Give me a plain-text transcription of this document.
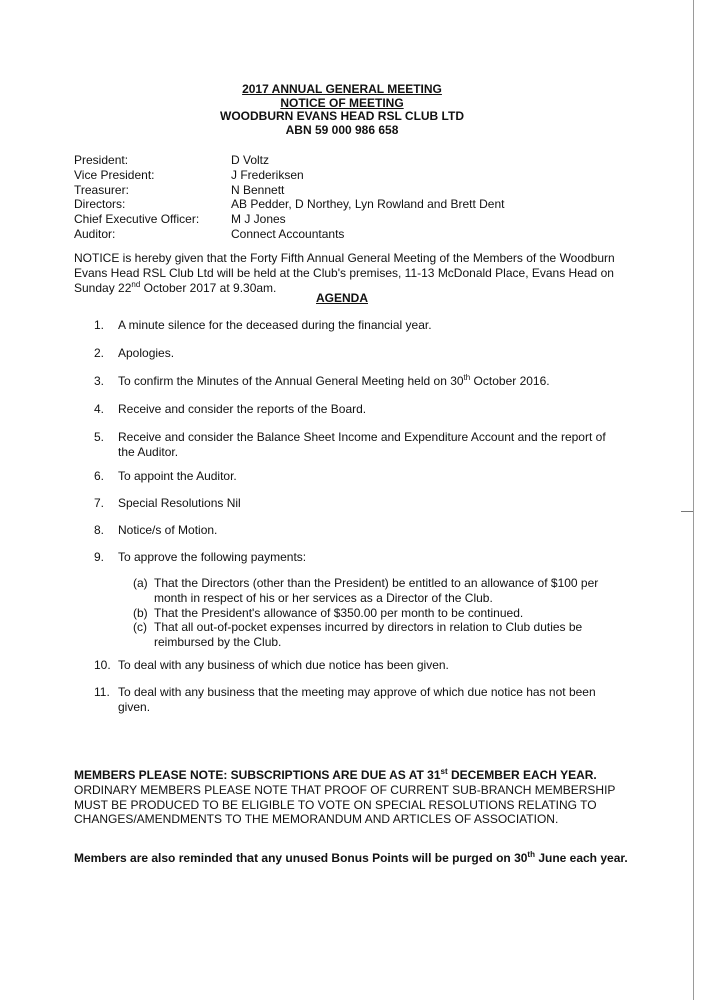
2017 ANNUAL GENERAL MEETING
NOTICE OF MEETING
WOODBURN EVANS HEAD RSL CLUB LTD
ABN 59 000 986 658
President:	D Voltz
Vice President:	J Frederiksen
Treasurer:	N Bennett
Directors:	AB Pedder, D Northey, Lyn Rowland and Brett Dent
Chief Executive Officer:	M J Jones
Auditor:	Connect Accountants
NOTICE is hereby given that the Forty Fifth Annual General Meeting of the Members of the Woodburn Evans Head RSL Club Ltd will be held at the Club's premises, 11-13 McDonald Place, Evans Head on Sunday 22nd October 2017 at 9.30am.
AGENDA
1.	A minute silence for the deceased during the financial year.
2.	Apologies.
3.	To confirm the Minutes of the Annual General Meeting held on 30th October 2016.
4.	Receive and consider the reports of the Board.
5.	Receive and consider the Balance Sheet Income and Expenditure Account and the report of the Auditor.
6.	To appoint the Auditor.
7.	Special Resolutions Nil
8.	Notice/s of Motion.
9.	To approve the following payments:
10. To deal with any business of which due notice has been given.
11. To deal with any business that the meeting may approve of which due notice has not been given.
(a) That the Directors (other than the President) be entitled to an allowance of $100 per month in respect of his or her services as a Director of the Club.
(b) That the President's allowance of $350.00 per month to be continued.
(c) That all out-of-pocket expenses incurred by directors in relation to Club duties be reimbursed by the Club.
MEMBERS PLEASE NOTE: SUBSCRIPTIONS ARE DUE AS AT 31st DECEMBER EACH YEAR.
ORDINARY MEMBERS PLEASE NOTE THAT PROOF OF CURRENT SUB-BRANCH MEMBERSHIP MUST BE PRODUCED TO BE ELIGIBLE TO VOTE ON SPECIAL RESOLUTIONS RELATING TO CHANGES/AMENDMENTS TO THE MEMORANDUM AND ARTICLES OF ASSOCIATION.
Members are also reminded that any unused Bonus Points will be purged on 30th June each year.
